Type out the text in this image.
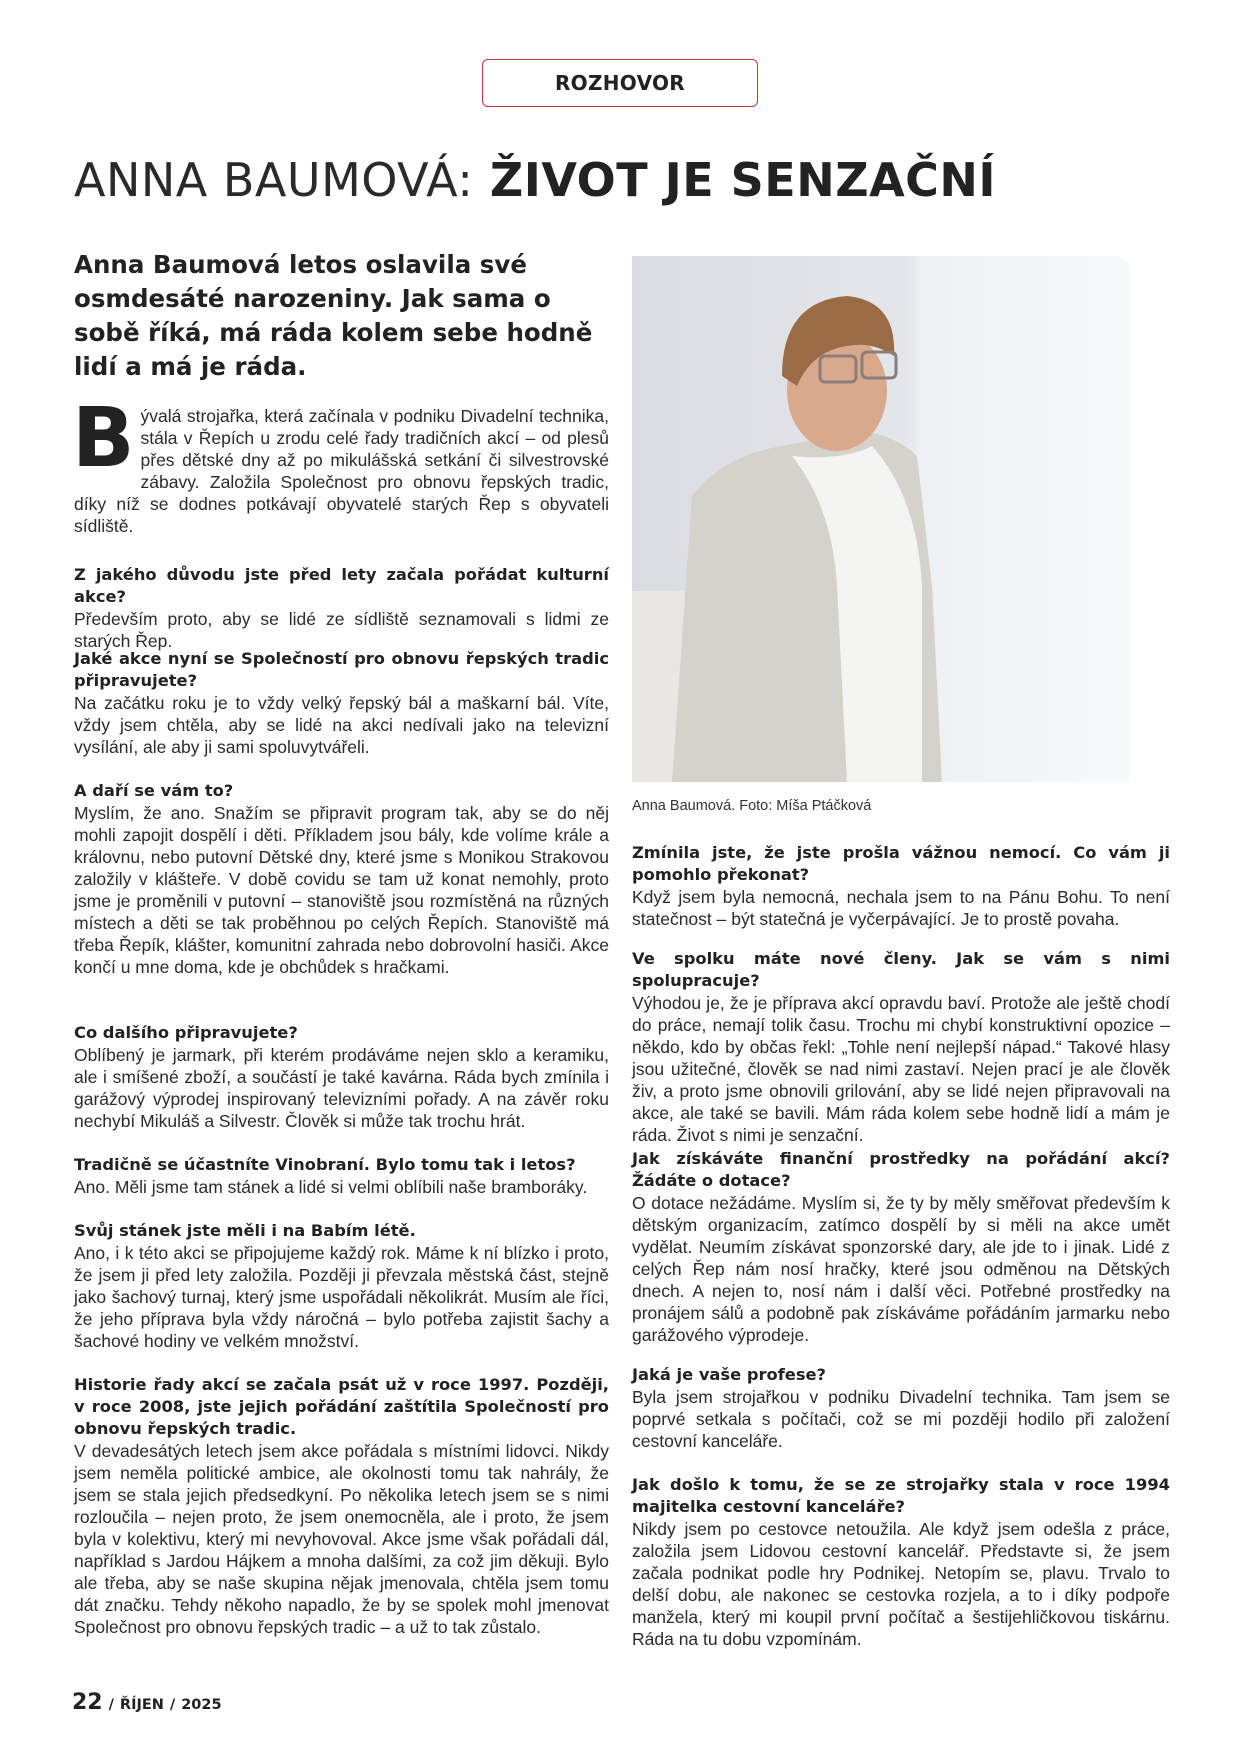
ROZHOVOR
ANNA BAUMOVÁ: ŽIVOT JE SENZAČNÍ

Anna Baumová letos oslavila své osmdesáté narozeniny. Jak sama o sobě říká, má ráda kolem sebe hodně lidí a má je ráda.

Bývalá strojařka, která začínala v podniku Divadelní technika, stála v Řepích u zrodu celé řady tradičních akcí – od plesů přes dětské dny až po mikulášská setkání či silvestrovské zábavy. Založila Společnost pro obnovu řepských tradic, díky níž se dodnes potkávají obyvatelé starých Řep s obyvateli sídliště.

Z jakého důvodu jste před lety začala pořádat kulturní akce?

Především proto, aby se lidé ze sídliště seznamovali s lidmi ze starých Řep.

Jaké akce nyní se Společností pro obnovu řepských tradic připravujete?

Na začátku roku je to vždy velký řepský bál a maškarní bál. Víte, vždy jsem chtěla, aby se lidé na akci nedívali jako na televizní vysílání, ale aby ji sami spoluvytvářeli.

A daří se vám to?

Myslím, že ano. Snažím se připravit program tak, aby se do něj mohli zapojit dospělí i děti. Příkladem jsou bály, kde volíme krále a královnu, nebo putovní Dětské dny, které jsme s Monikou Strakovou založily v klášteře. V době covidu se tam už konat nemohly, proto jsme je proměnili v putovní – stanoviště jsou rozmístěná na různých místech a děti se tak proběhnou po celých Řepích. Stanoviště má třeba Řepík, klášter, komunitní zahrada nebo dobrovolní hasiči. Akce končí u mne doma, kde je obchůdek s hračkami.

Co dalšího připravujete?

Oblíbený je jarmark, při kterém prodáváme nejen sklo a keramiku, ale i smíšené zboží, a součástí je také kavárna. Ráda bych zmínila i garážový výprodej inspirovaný televizními pořady. A na závěr roku nechybí Mikuláš a Silvestr. Člověk si může tak trochu hrát.

Tradičně se účastníte Vinobraní. Bylo tomu tak i letos?

Ano. Měli jsme tam stánek a lidé si velmi oblíbili naše bramboráky.

Svůj stánek jste měli i na Babím létě.

Ano, i k této akci se připojujeme každý rok. Máme k ní blízko i proto, že jsem ji před lety založila. Později ji převzala městská část, stejně jako šachový turnaj, který jsme uspořádali několikrát. Musím ale říci, že jeho příprava byla vždy náročná – bylo potřeba zajistit šachy a šachové hodiny ve velkém množství.

Historie řady akcí se začala psát už v roce 1997. Později, v roce 2008, jste jejich pořádání zaštítila Společností pro obnovu řepských tradic.

V devadesátých letech jsem akce pořádala s místními lidovci. Nikdy jsem neměla politické ambice, ale okolnosti tomu tak nahrály, že jsem se stala jejich předsedkyní. Po několika letech jsem se s nimi rozloučila – nejen proto, že jsem onemocněla, ale i proto, že jsem byla v kolektivu, který mi nevyhovoval. Akce jsme však pořádali dál, například s Jardou Hájkem a mnoha dalšími, za což jim děkuji. Bylo ale třeba, aby se naše skupina nějak jmenovala, chtěla jsem tomu dát značku. Tehdy někoho napadlo, že by se spolek mohl jmenovat Společnost pro obnovu řepských tradic – a už to tak zůstalo.

Anna Baumová. Foto: Míša Ptáčková

Zmínila jste, že jste prošla vážnou nemocí. Co vám ji pomohlo překonat?

Když jsem byla nemocná, nechala jsem to na Pánu Bohu. To není statečnost – být statečná je vyčerpávající. Je to prostě povaha.

Ve spolku máte nové členy. Jak se vám s nimi spolupracuje?

Výhodou je, že je příprava akcí opravdu baví. Protože ale ještě chodí do práce, nemají tolik času. Trochu mi chybí konstruktivní opozice – někdo, kdo by občas řekl: „Tohle není nejlepší nápad.“ Takové hlasy jsou užitečné, člověk se nad nimi zastaví. Nejen prací je ale člověk živ, a proto jsme obnovili grilování, aby se lidé nejen připravovali na akce, ale také se bavili. Mám ráda kolem sebe hodně lidí a mám je ráda. Život s nimi je senzační.

Jak získáváte finanční prostředky na pořádání akcí? Žádáte o dotace?

O dotace nežádáme. Myslím si, že ty by měly směřovat především k dětským organizacím, zatímco dospělí by si měli na akce umět vydělat. Neumím získávat sponzorské dary, ale jde to i jinak. Lidé z celých Řep nám nosí hračky, které jsou odměnou na Dětských dnech. A nejen to, nosí nám i další věci. Potřebné prostředky na pronájem sálů a podobně pak získáváme pořádáním jarmarku nebo garážového výprodeje.

Jaká je vaše profese?

Byla jsem strojařkou v podniku Divadelní technika. Tam jsem se poprvé setkala s počítači, což se mi později hodilo při založení cestovní kanceláře.

Jak došlo k tomu, že se ze strojařky stala v roce 1994 majitelka cestovní kanceláře?

Nikdy jsem po cestovce netoužila. Ale když jsem odešla z práce, založila jsem Lidovou cestovní kancelář. Představte si, že jsem začala podnikat podle hry Podnikej. Netopím se, plavu. Trvalo to delší dobu, ale nakonec se cestovka rozjela, a to i díky podpoře manžela, který mi koupil první počítač a šestijehličkovou tiskárnu. Ráda na tu dobu vzpomínám.

22 / ŘÍJEN / 2025
